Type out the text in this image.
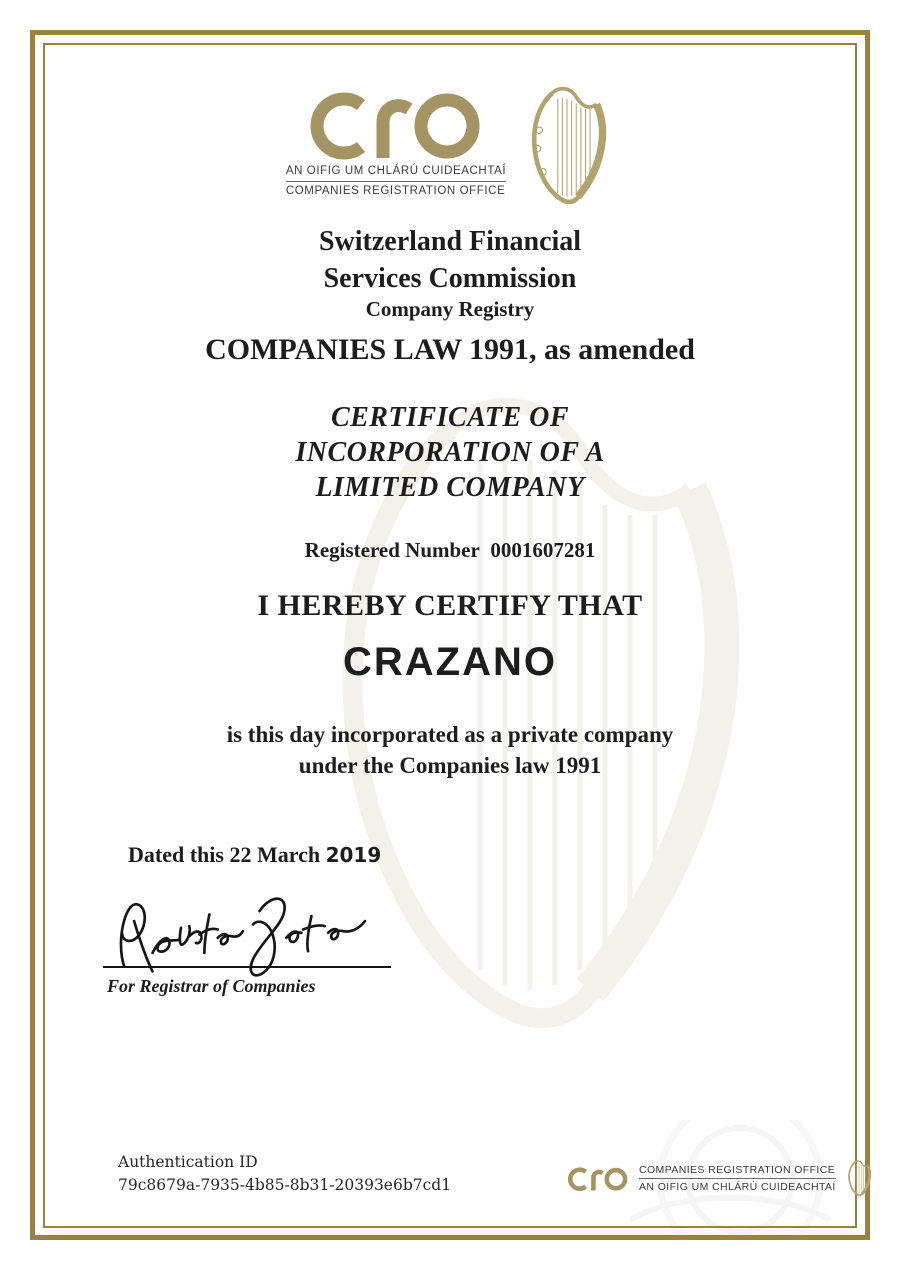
AN OIFIG UM CHLÁRÚ CUIDEACHTAÍ
COMPANIES REGISTRATION OFFICE
Switzerland Financial
Services Commission
Company Registry
COMPANIES LAW 1991, as amended
CERTIFICATE OF
INCORPORATION OF A
LIMITED COMPANY
Registered Number 0001607281
I HEREBY CERTIFY THAT
CRAZANO
is this day incorporated as a private company
under the Companies law 1991
Dated this 22 March 2019
For Registrar of Companies
Authentication ID
79c8679a-7935-4b85-8b31-20393e6b7cd1
COMPANIES REGISTRATION OFFICE
AN OIFIG UM CHLÁRÚ CUIDEACHTAÍ
